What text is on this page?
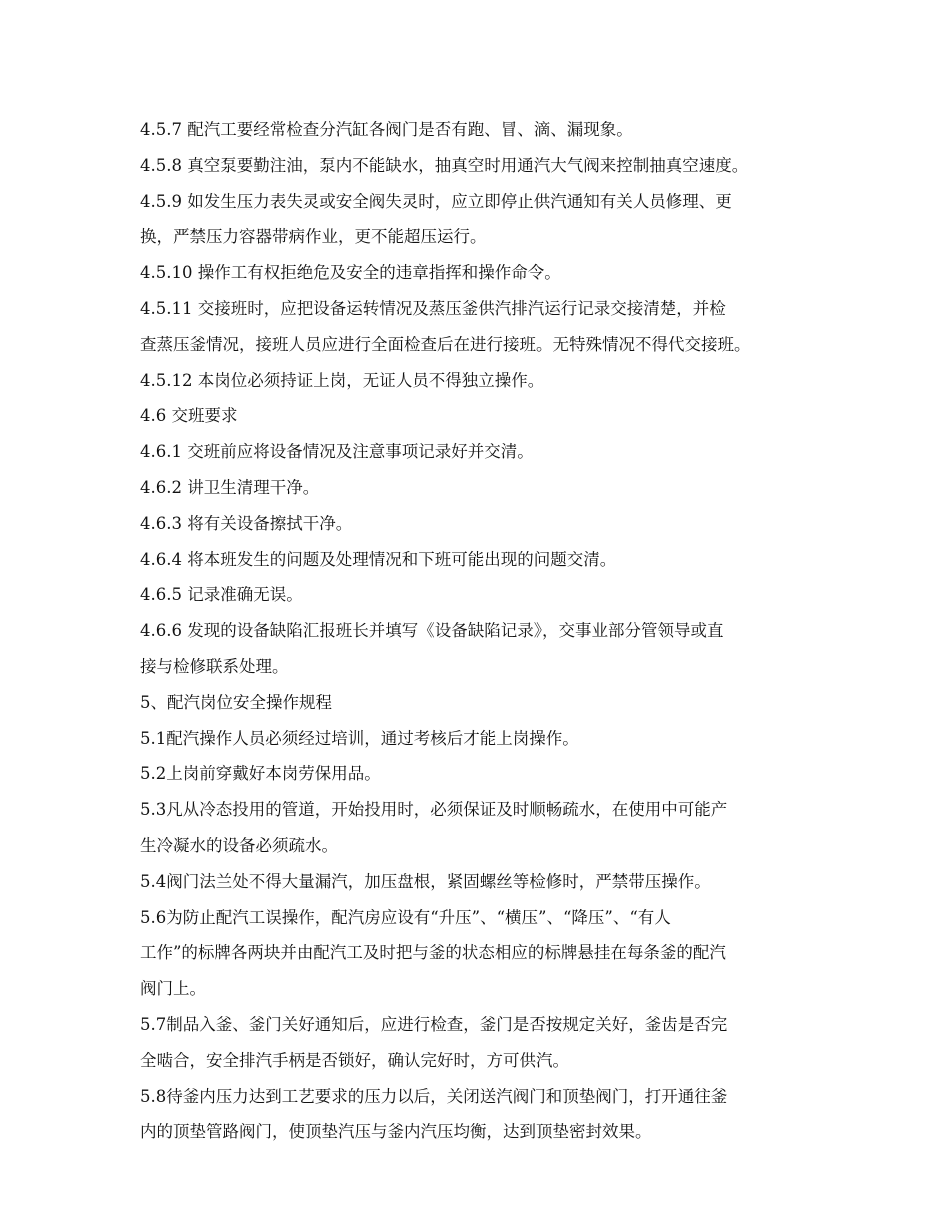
4.5.7 配汽工要经常检查分汽缸各阀门是否有跑、冒、滴、漏现象。
4.5.8 真空泵要勤注油，泵内不能缺水，抽真空时用通汽大气阀来控制抽真空速度。
4.5.9 如发生压力表失灵或安全阀失灵时，应立即停止供汽通知有关人员修理、更
换，严禁压力容器带病作业，更不能超压运行。
4.5.10 操作工有权拒绝危及安全的违章指挥和操作命令。
4.5.11 交接班时，应把设备运转情况及蒸压釜供汽排汽运行记录交接清楚，并检
查蒸压釜情况，接班人员应进行全面检查后在进行接班。无特殊情况不得代交接班。
4.5.12 本岗位必须持证上岗，无证人员不得独立操作。
4.6 交班要求
4.6.1 交班前应将设备情况及注意事项记录好并交清。
4.6.2 讲卫生清理干净。
4.6.3 将有关设备擦拭干净。
4.6.4 将本班发生的问题及处理情况和下班可能出现的问题交清。
4.6.5 记录准确无误。
4.6.6 发现的设备缺陷汇报班长并填写《设备缺陷记录》，交事业部分管领导或直
接与检修联系处理。
5、配汽岗位安全操作规程
5.1配汽操作人员必须经过培训，通过考核后才能上岗操作。
5.2上岗前穿戴好本岗劳保用品。
5.3凡从冷态投用的管道，开始投用时，必须保证及时顺畅疏水，在使用中可能产
生冷凝水的设备必须疏水。
5.4阀门法兰处不得大量漏汽，加压盘根，紧固螺丝等检修时，严禁带压操作。
5.6为防止配汽工误操作，配汽房应设有“升压”、“横压”、“降压”、“有人
工作”的标牌各两块并由配汽工及时把与釜的状态相应的标牌悬挂在每条釜的配汽
阀门上。
5.7制品入釜、釜门关好通知后，应进行检查，釜门是否按规定关好，釜齿是否完
全啮合，安全排汽手柄是否锁好，确认完好时，方可供汽。
5.8待釜内压力达到工艺要求的压力以后，关闭送汽阀门和顶垫阀门，打开通往釜
内的顶垫管路阀门，使顶垫汽压与釜内汽压均衡，达到顶垫密封效果。
